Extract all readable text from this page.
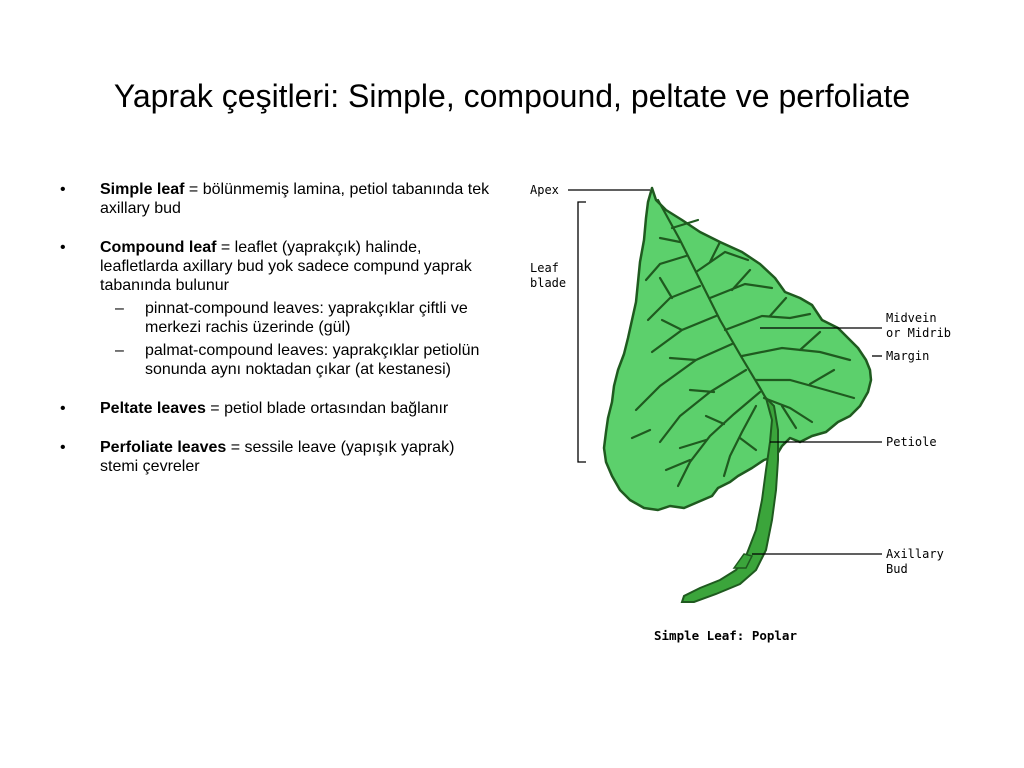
Yaprak çeşitleri: Simple, compound, peltate ve perfoliate
• Simple leaf = bölünmemiş lamina, petiol tabanında tek axillary bud
• Compound leaf = leaflet (yaprakçık) halinde, leafletlarda axillary bud yok sadece compund yaprak tabanında bulunur
– pinnat-compound leaves: yaprakçıklar çiftli ve merkezi rachis üzerinde (gül)
– palmat-compound leaves: yaprakçıklar petiolün sonunda aynı noktadan çıkar (at kestanesi)
• Peltate leaves = petiol blade ortasından bağlanır
• Perfoliate leaves = sessile leave (yapışık yaprak) stemi çevreler
Apex
Leaf
blade
Midvein
or Midrib
Margin
Petiole
Axillary
Bud
Simple Leaf: Poplar
